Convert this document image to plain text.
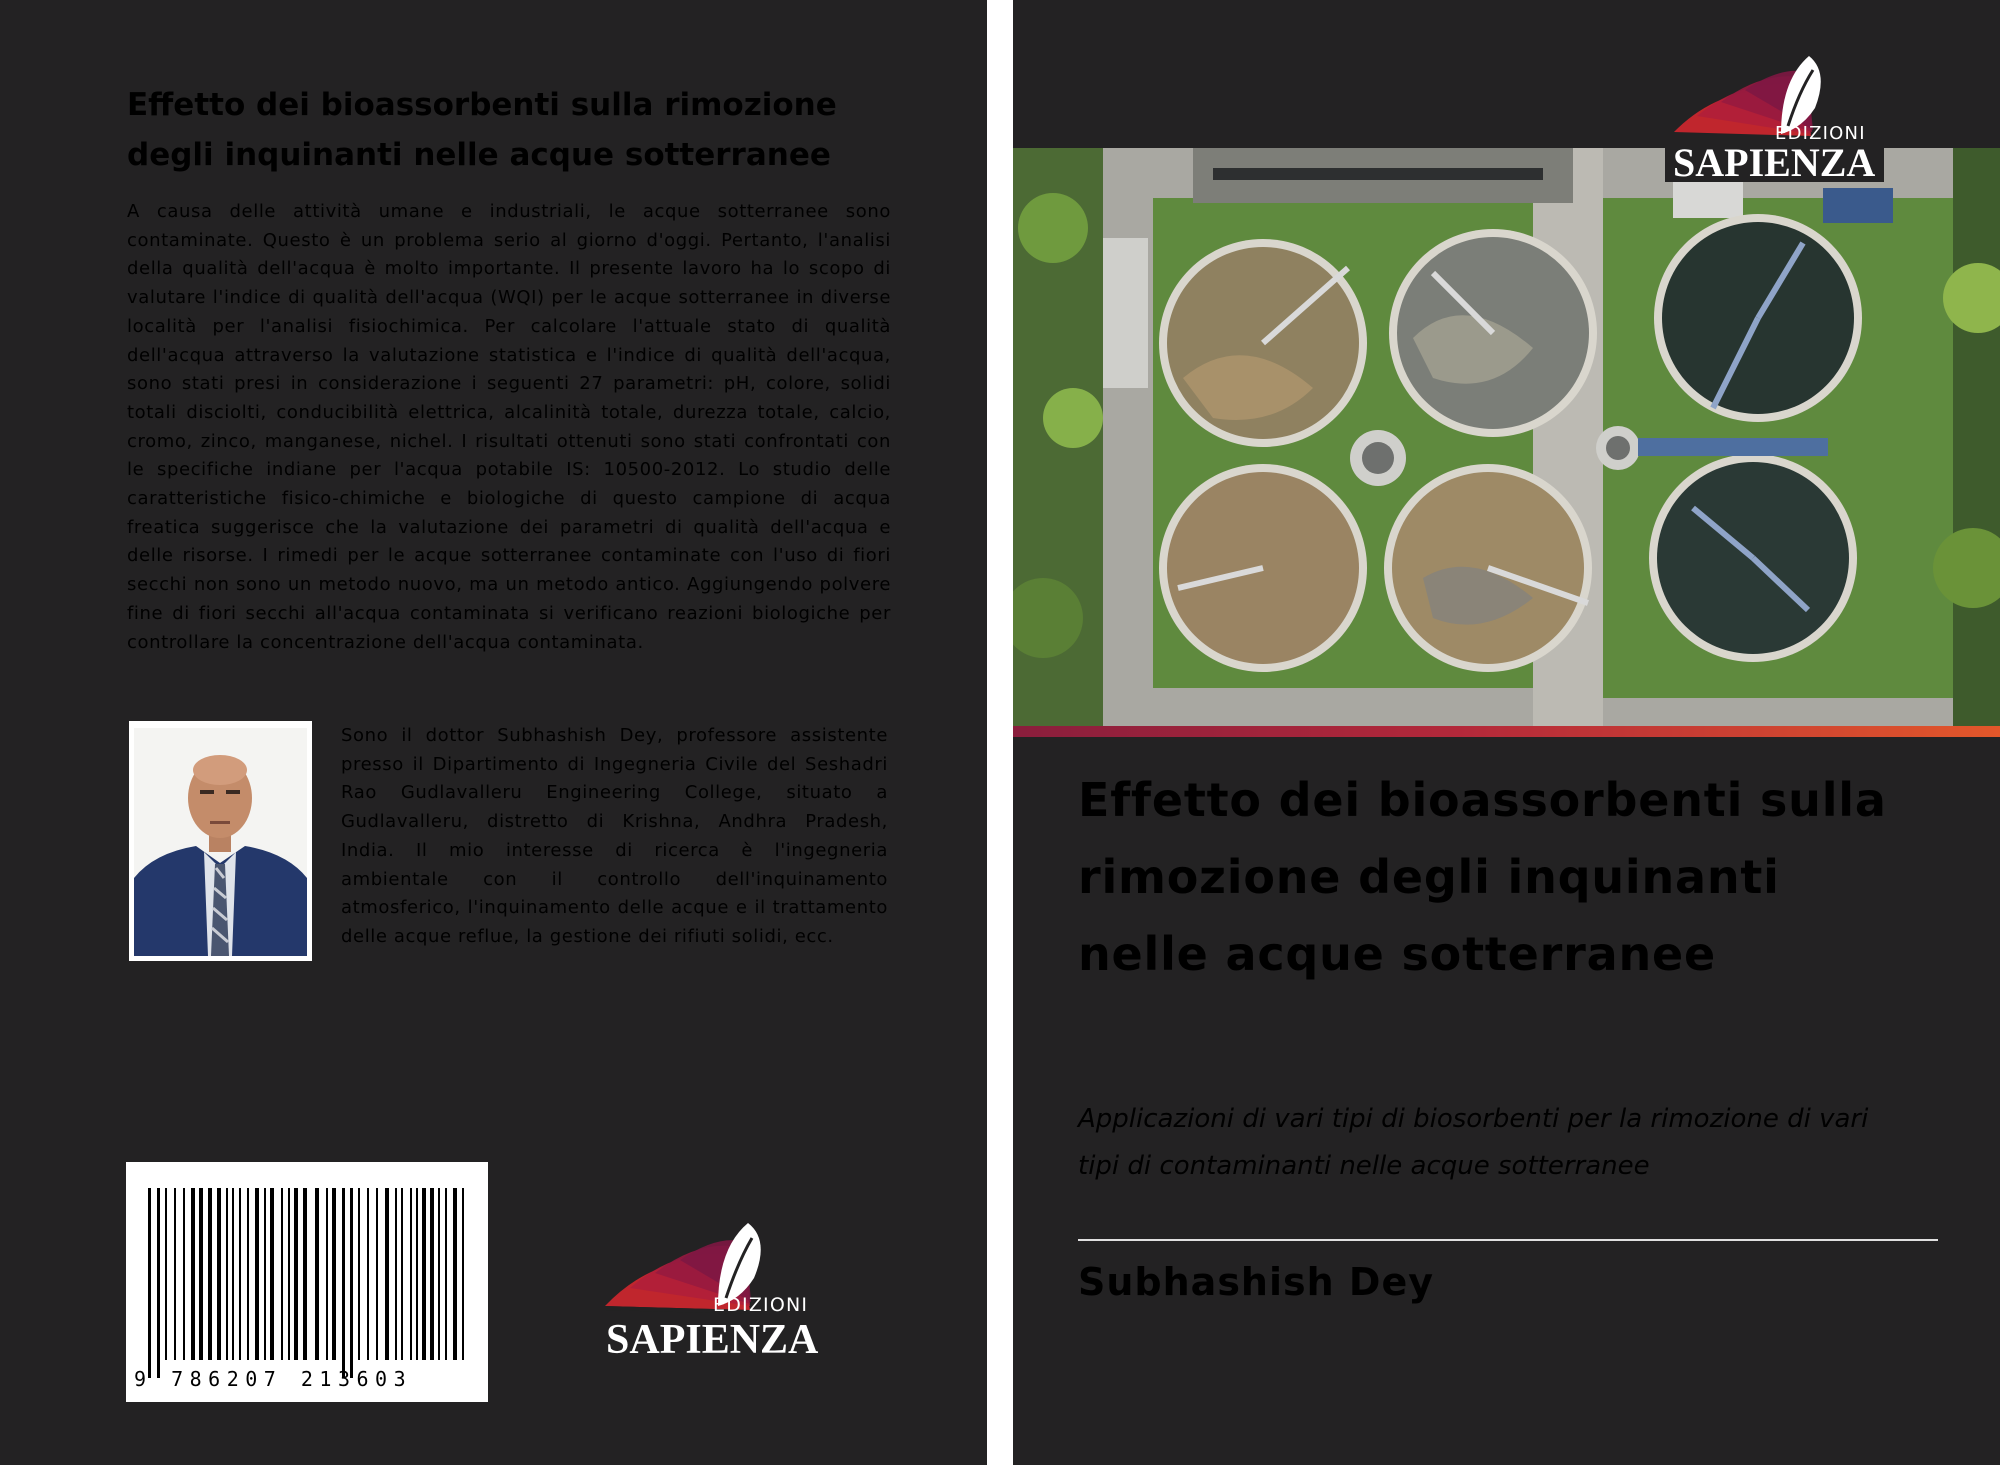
Effetto dei bioassorbenti sulla rimozione degli inquinanti nelle acque sotterranee

A causa delle attività umane e industriali, le acque sotterranee sono contaminate. Questo è un problema serio al giorno d'oggi. Pertanto, l'analisi della qualità dell'acqua è molto importante. Il presente lavoro ha lo scopo di valutare l'indice di qualità dell'acqua (WQI) per le acque sotterranee in diverse località per l'analisi fisiochimica. Per calcolare l'attuale stato di qualità dell'acqua attraverso la valutazione statistica e l'indice di qualità dell'acqua, sono stati presi in considerazione i seguenti 27 parametri: pH, colore, solidi totali disciolti, conducibilità elettrica, alcalinità totale, durezza totale, calcio, cromo, zinco, manganese, nichel. I risultati ottenuti sono stati confrontati con le specifiche indiane per l'acqua potabile IS: 10500-2012. Lo studio delle caratteristiche fisico-chimiche e biologiche di questo campione di acqua freatica suggerisce che la valutazione dei parametri di qualità dell'acqua e delle risorse. I rimedi per le acque sotterranee contaminate con l'uso di fiori secchi non sono un metodo nuovo, ma un metodo antico. Aggiungendo polvere fine di fiori secchi all'acqua contaminata si verificano reazioni biologiche per controllare la concentrazione dell'acqua contaminata.

Sono il dottor Subhashish Dey, professore assistente presso il Dipartimento di Ingegneria Civile del Seshadri Rao Gudlavalleru Engineering College, situato a Gudlavalleru, distretto di Krishna, Andhra Pradesh, India. Il mio interesse di ricerca è l'ingegneria ambientale con il controllo dell'inquinamento atmosferico, l'inquinamento delle acque e il trattamento delle acque reflue, la gestione dei rifiuti solidi, ecc.

9 786207 213603
EDIZIONI
SAPIENZA
EDIZIONI
SAPIENZA
Effetto dei bioassorbenti sulla rimozione degli inquinanti nelle acque sotterranee

Applicazioni di vari tipi di biosorbenti per la rimozione di vari tipi di contaminanti nelle acque sotterranee

Subhashish Dey
